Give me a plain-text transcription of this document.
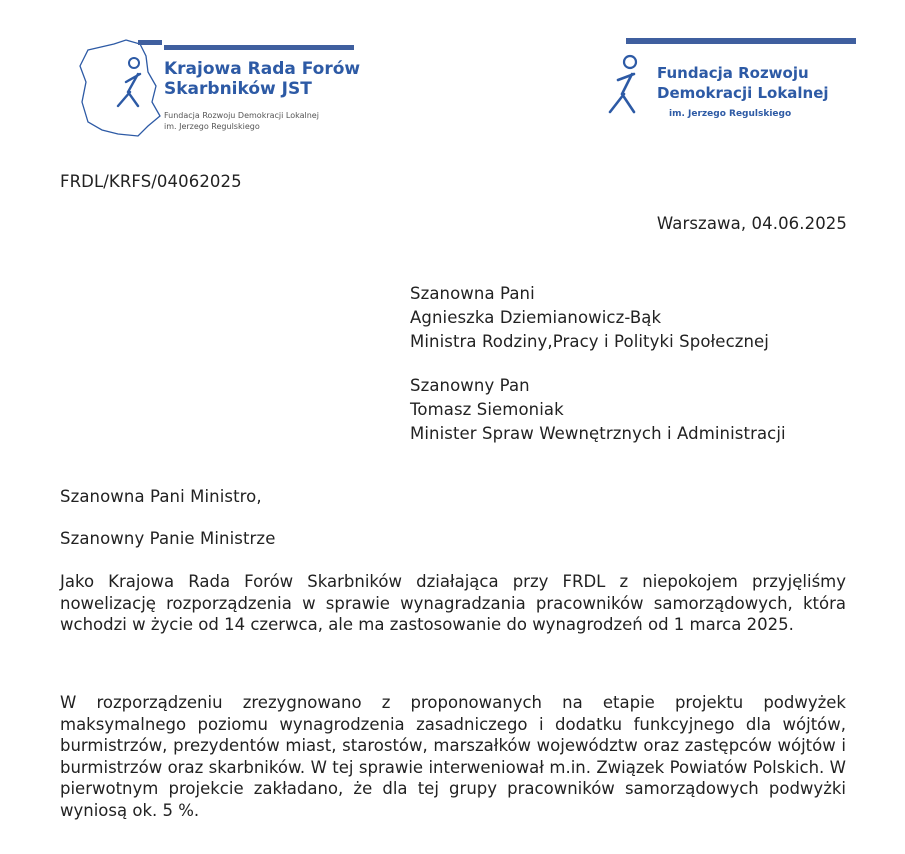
Krajowa Rada Forów
Skarbników JST
Fundacja Rozwoju Demokracji Lokalnej
im. Jerzego Regulskiego
Fundacja Rozwoju
Demokracji Lokalnej
im. Jerzego Regulskiego
FRDL/KRFS/04062025
Warszawa, 04.06.2025
Szanowna Pani
Agnieszka Dziemianowicz-Bąk
Ministra Rodziny,Pracy i Polityki Społecznej
Szanowny Pan
Tomasz Siemoniak
Minister Spraw Wewnętrznych i Administracji
Szanowna Pani Ministro,
Szanowny Panie Ministrze
Jako Krajowa Rada Forów Skarbników działająca przy FRDL z niepokojem przyjęliśmy nowelizację rozporządzenia w sprawie wynagradzania pracowników samorządowych, która wchodzi w życie od 14 czerwca, ale ma zastosowanie do wynagrodzeń od 1 marca 2025.
W rozporządzeniu zrezygnowano z proponowanych na etapie projektu podwyżek maksymalnego poziomu wynagrodzenia zasadniczego i dodatku funkcyjnego dla wójtów, burmistrzów, prezydentów miast, starostów, marszałków województw oraz zastępców wójtów i burmistrzów oraz skarbników. W tej sprawie interweniował m.in. Związek Powiatów Polskich. W pierwotnym projekcie zakładano, że dla tej grupy pracowników samorządowych podwyżki wyniosą ok. 5 %.
